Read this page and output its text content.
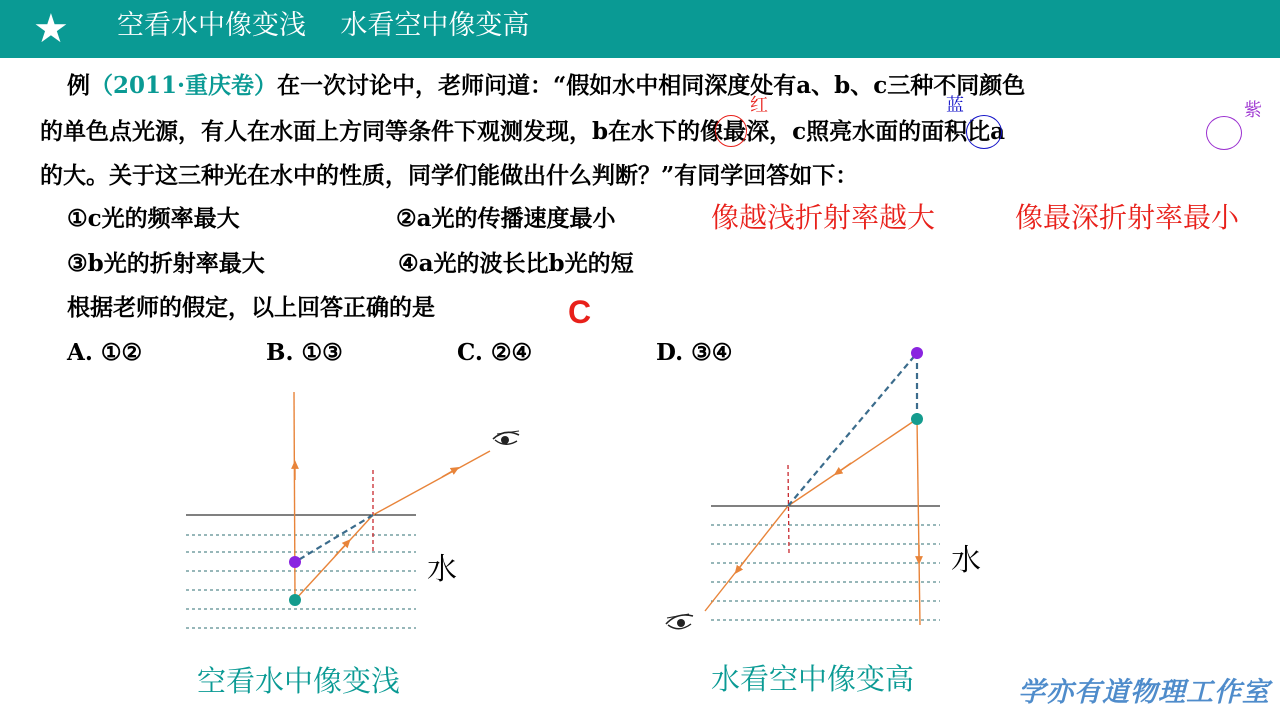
★ 空看水中像变浅    水看空中像变高
例（2011·重庆卷）在一次讨论中，老师问道：“假如水中相同深度处有a、b、c三种不同颜色
的单色点光源，有人在水面上方同等条件下观测发现，b在水下的像最深，c照亮水面的面积比a
的大。关于这三种光在水中的性质，同学们能做出什么判断？”有同学回答如下：
①c光的频率最大	②a光的传播速度最小
③b光的折射率最大	④a光的波长比b光的短
像越浅折射率越大	像最深折射率最小
根据老师的假定，以上回答正确的是	C
A. ①②	B. ①③	C. ②④	D. ③④
红	蓝	紫
水
空看水中像变浅
水
水看空中像变高	学亦有道物理工作室
